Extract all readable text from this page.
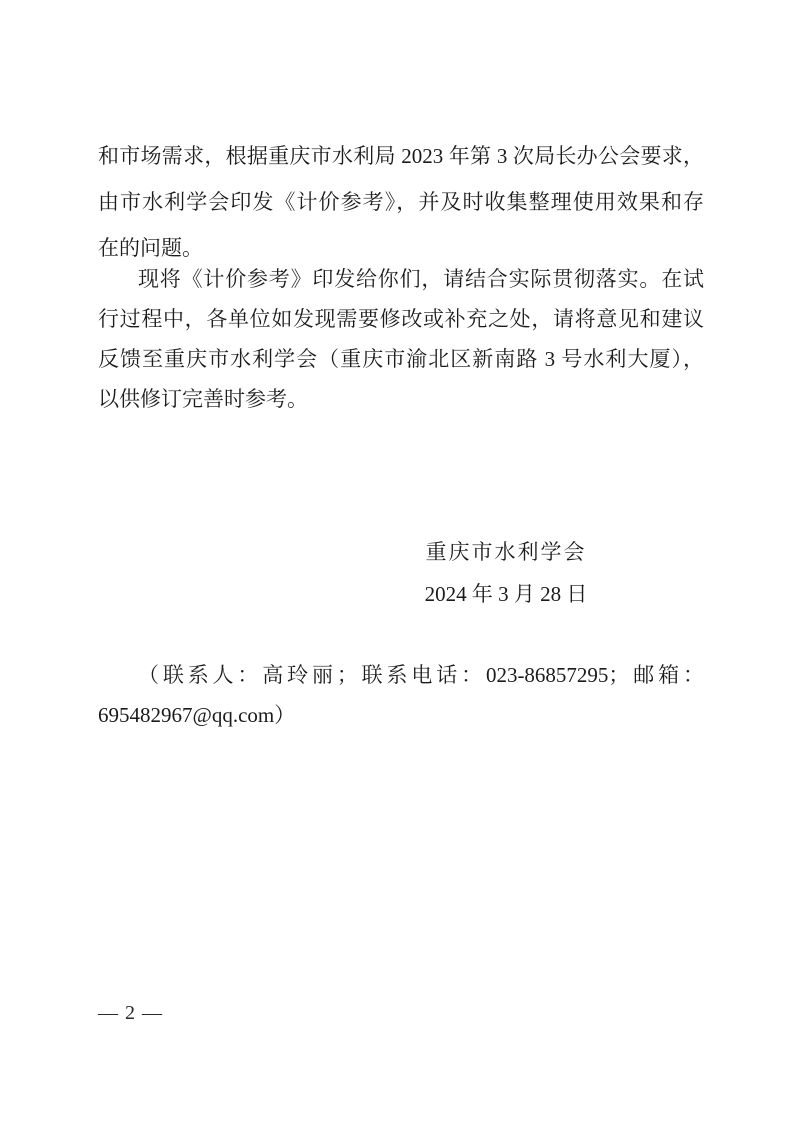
和市场需求，根据重庆市水利局 2023 年第 3 次局长办公会要求，
由市水利学会印发《计价参考》，并及时收集整理使用效果和存
在的问题。
现将《计价参考》印发给你们，请结合实际贯彻落实。在试
行过程中，各单位如发现需要修改或补充之处，请将意见和建议
反馈至重庆市水利学会（重庆市渝北区新南路 3 号水利大厦），
以供修订完善时参考。
重庆市水利学会
2024 年 3 月 28 日
（联系人：高玲丽；联系电话：023-86857295；邮箱：
695482967@qq.com）
— 2 —
